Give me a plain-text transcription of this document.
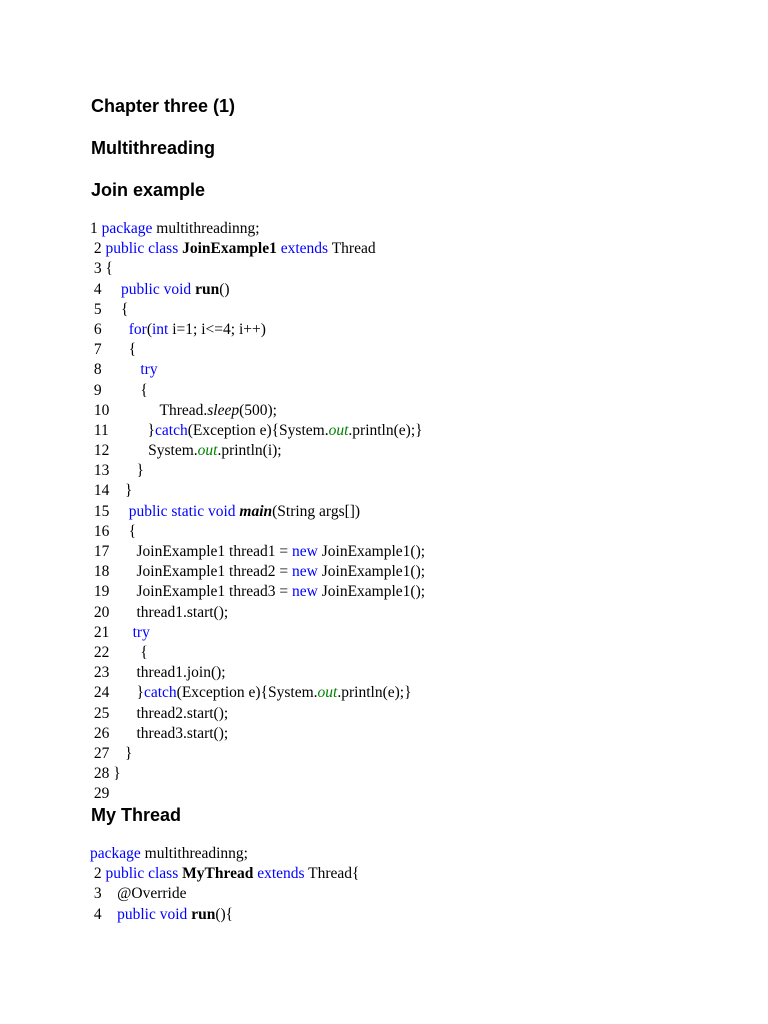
Chapter three (1)
Multithreading
Join example
1 package multithreadinng;
2 public class JoinExample1 extends Thread
3 {
4     public void run()
5     {
6       for(int i=1; i<=4; i++)
7       {
8          try
9          {
10             Thread.sleep(500);
11          }catch(Exception e){System.out.println(e);}
12          System.out.println(i);
13       }
14    }
15     public static void main(String args[])
16     {
17       JoinExample1 thread1 = new JoinExample1();
18       JoinExample1 thread2 = new JoinExample1();
19       JoinExample1 thread3 = new JoinExample1();
20       thread1.start();
21      try
22        {
23       thread1.join();
24       }catch(Exception e){System.out.println(e);}
25       thread2.start();
26       thread3.start();
27    }
28 }
29
My Thread
package multithreadinng;
2 public class MyThread extends Thread{
3    @Override
4    public void run(){
